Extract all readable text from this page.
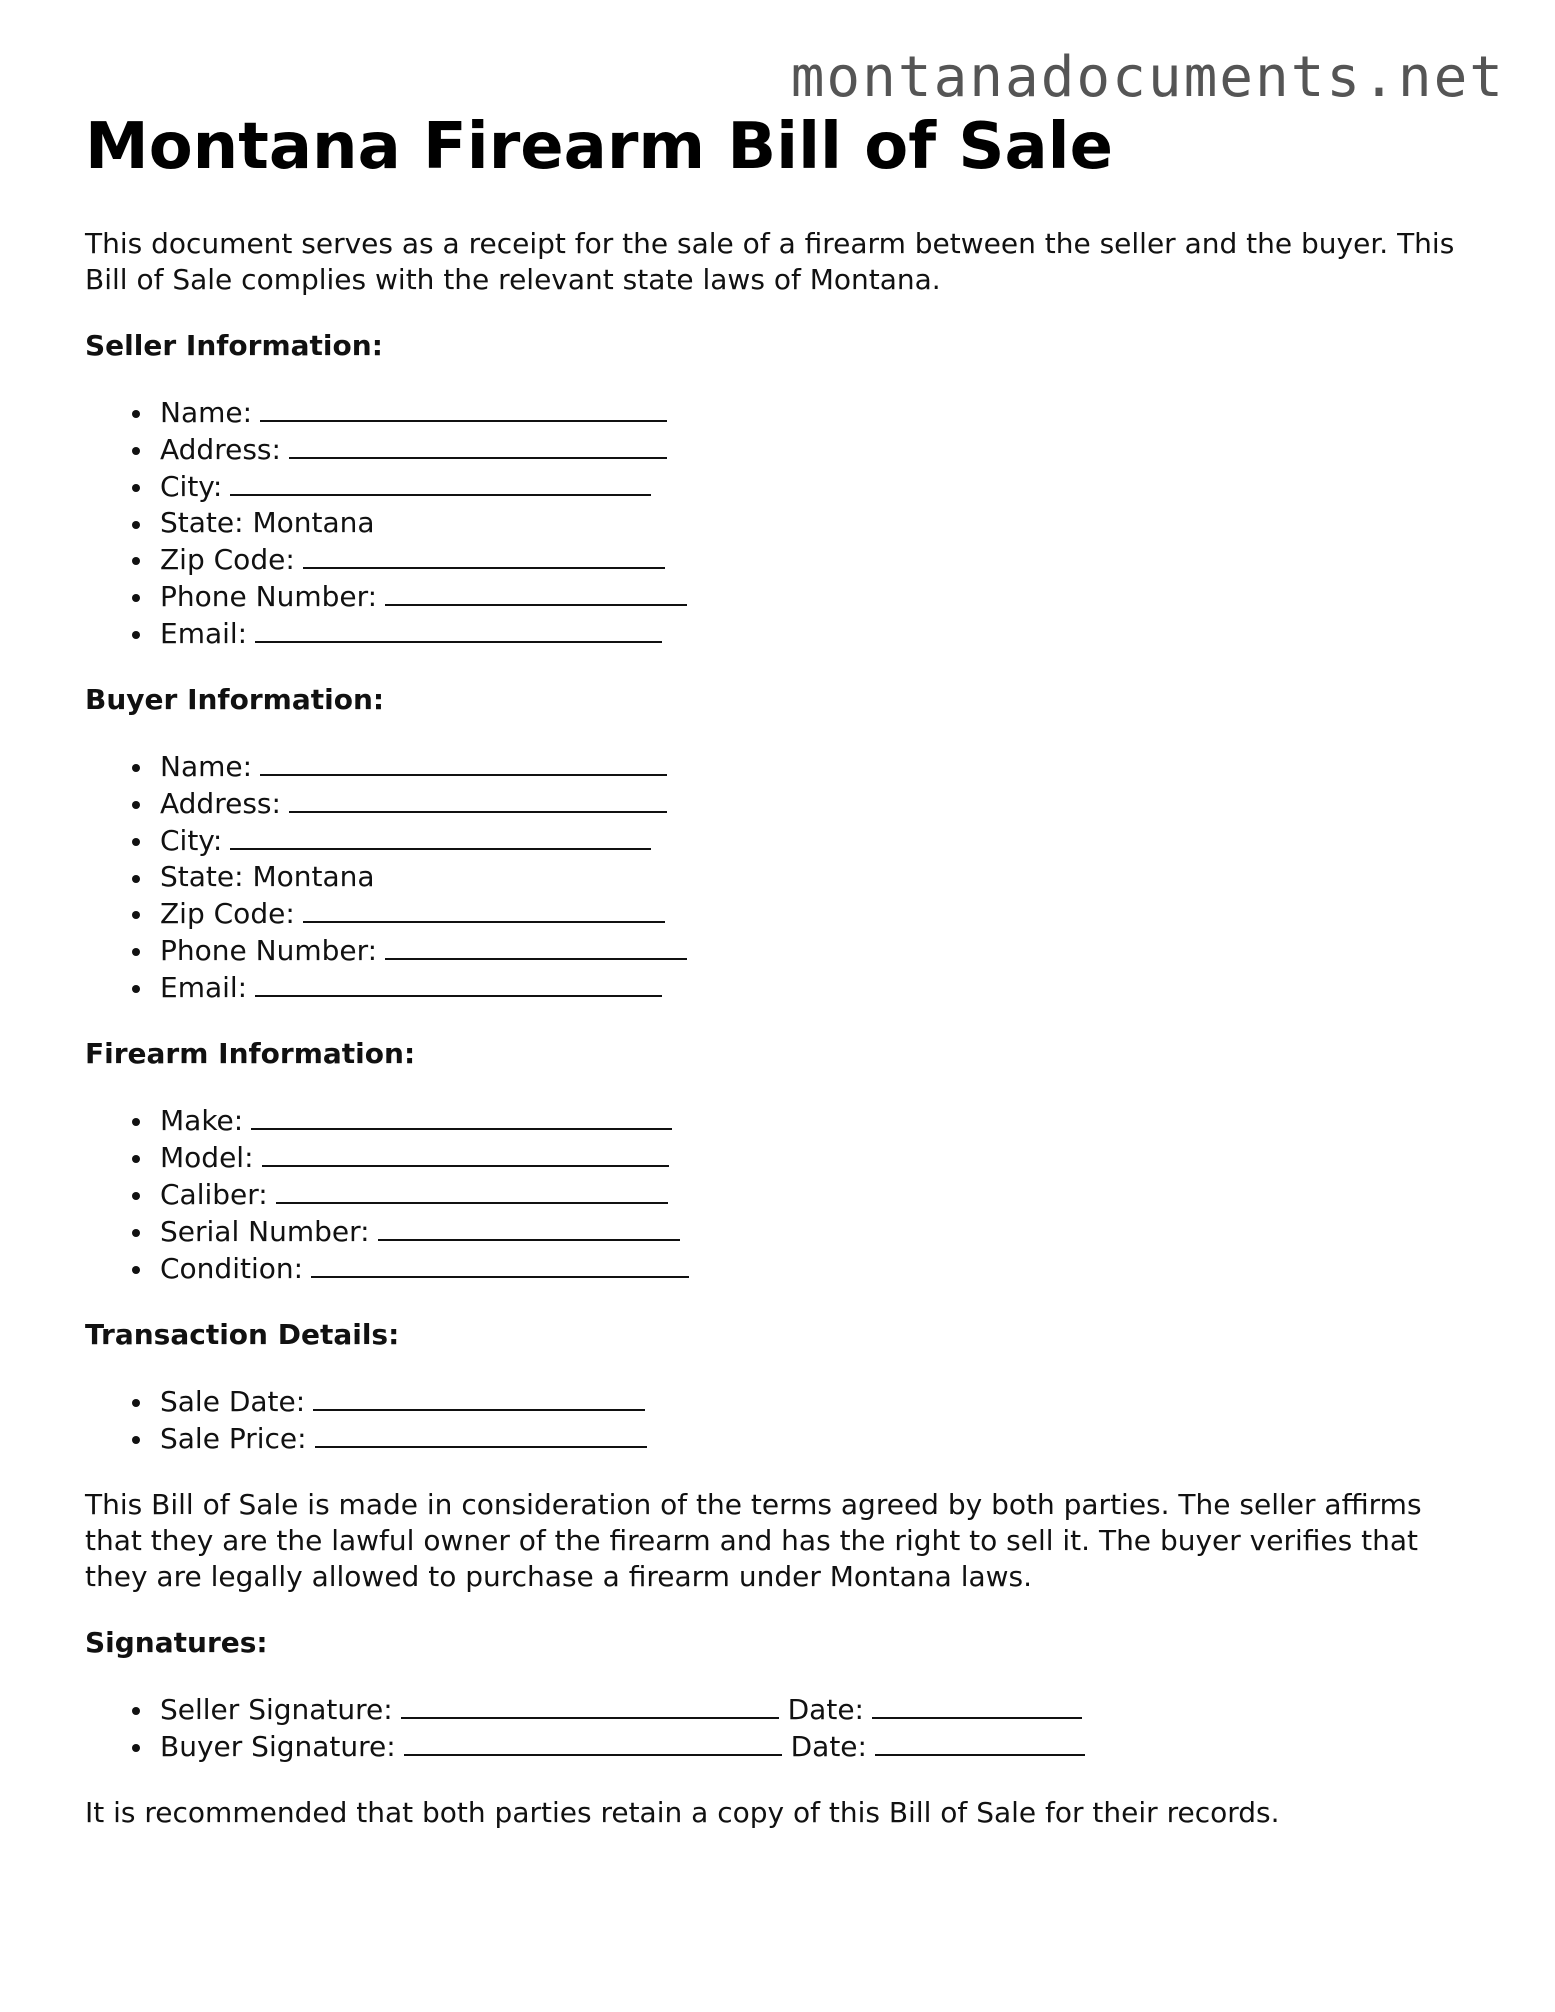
montanadocuments.net
Montana Firearm Bill of Sale

This document serves as a receipt for the sale of a firearm between the seller and the buyer. This Bill of Sale complies with the relevant state laws of Montana.

Seller Information:
Name:
Address:
City:
State: Montana
Zip Code:
Phone Number:
Email:
Buyer Information:
Name:
Address:
City:
State: Montana
Zip Code:
Phone Number:
Email:
Firearm Information:
Make:
Model:
Caliber:
Serial Number:
Condition:
Transaction Details:
Sale Date:
Sale Price:

This Bill of Sale is made in consideration of the terms agreed by both parties. The seller affirms that they are the lawful owner of the firearm and has the right to sell it. The buyer verifies that they are legally allowed to purchase a firearm under Montana laws.

Signatures:
Seller Signature:	Date:
Buyer Signature:	Date:

It is recommended that both parties retain a copy of this Bill of Sale for their records.
